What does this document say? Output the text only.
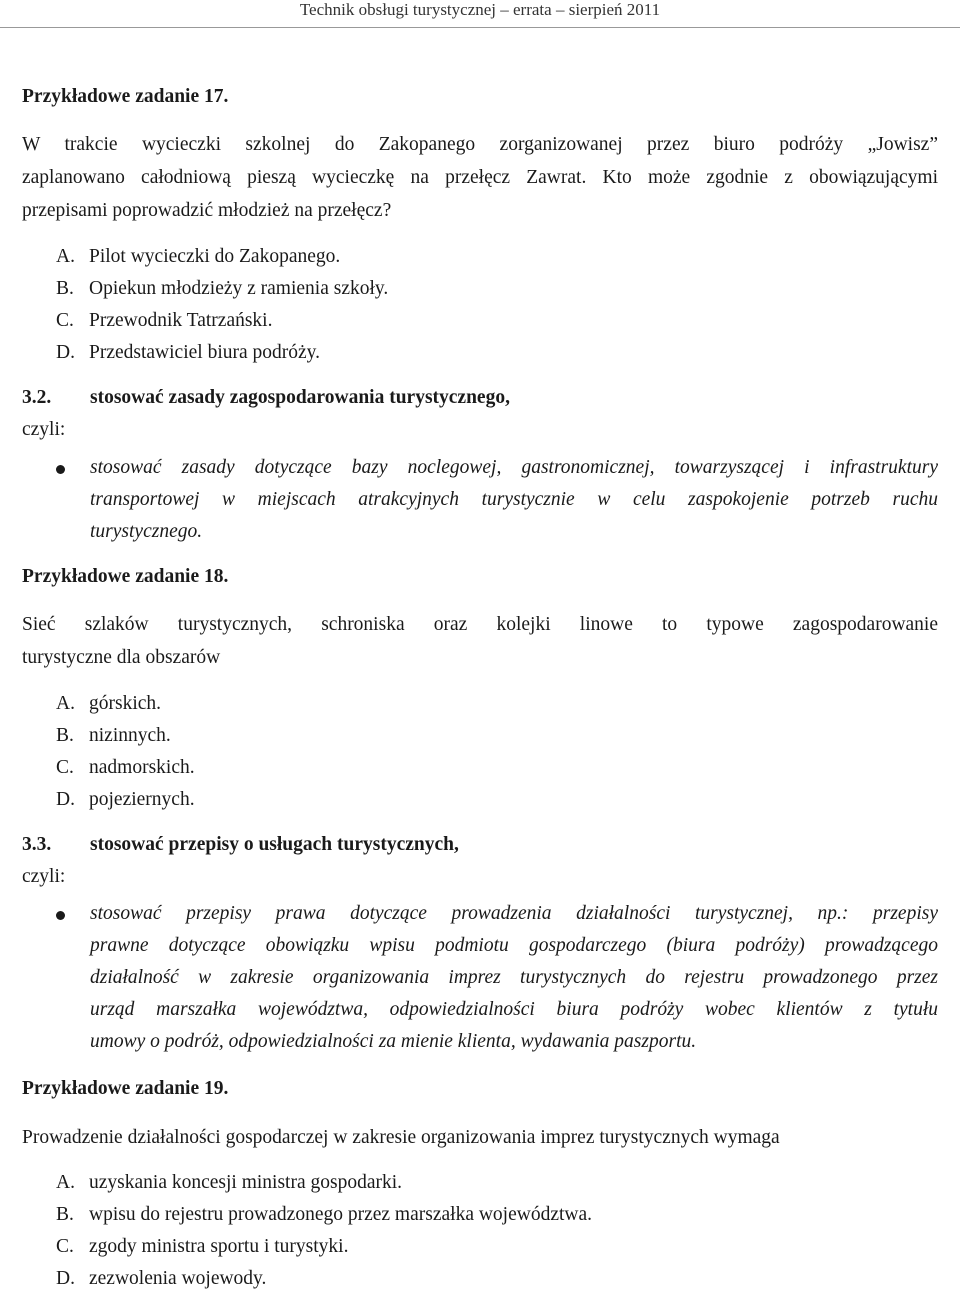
Technik obsługi turystycznej – errata – sierpień 2011
Przykładowe zadanie 17.
W trakcie wycieczki szkolnej do Zakopanego zorganizowanej przez biuro podróży „Jowisz”
zaplanowano całodniową pieszą wycieczkę na przełęcz Zawrat. Kto może zgodnie z obowiązującymi
przepisami poprowadzić młodzież na przełęcz?
A. Pilot wycieczki do Zakopanego.
B. Opiekun młodzieży z ramienia szkoły.
C. Przewodnik Tatrzański.
D. Przedstawiciel biura podróży.
3.2. stosować zasady zagospodarowania turystycznego,
czyli:
stosować zasady dotyczące bazy noclegowej, gastronomicznej, towarzyszącej i infrastruktury
transportowej w miejscach atrakcyjnych turystycznie w celu zaspokojenie potrzeb ruchu
turystycznego.
Przykładowe zadanie 18.
Sieć szlaków turystycznych, schroniska oraz kolejki linowe to typowe zagospodarowanie
turystyczne dla obszarów
A. górskich.
B. nizinnych.
C. nadmorskich.
D. pojeziernych.
3.3. stosować przepisy o usługach turystycznych,
czyli:
stosować przepisy prawa dotyczące prowadzenia działalności turystycznej, np.: przepisy
prawne dotyczące obowiązku wpisu podmiotu gospodarczego (biura podróży) prowadzącego
działalność w zakresie organizowania imprez turystycznych do rejestru prowadzonego przez
urząd marszałka województwa, odpowiedzialności biura podróży wobec klientów z tytułu
umowy o podróż, odpowiedzialności za mienie klienta, wydawania paszportu.
Przykładowe zadanie 19.
Prowadzenie działalności gospodarczej w zakresie organizowania imprez turystycznych wymaga
A. uzyskania koncesji ministra gospodarki.
B. wpisu do rejestru prowadzonego przez marszałka województwa.
C. zgody ministra sportu i turystyki.
D. zezwolenia wojewody.
